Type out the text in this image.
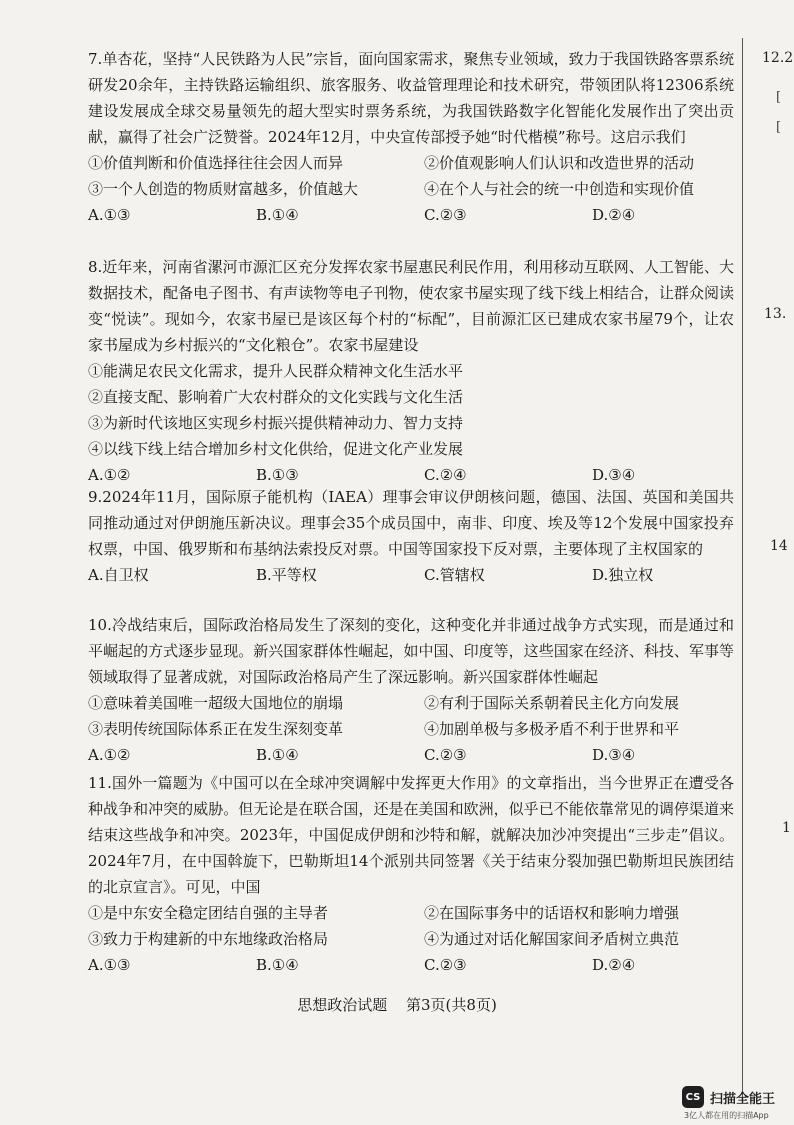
12.2
[
[
13.
14
1

7.单杏花，坚持“人民铁路为人民”宗旨，面向国家需求，聚焦专业领域，致力于我国铁路客票系统研发20余年，主持铁路运输组织、旅客服务、收益管理理论和技术研究，带领团队将12306系统建设发展成全球交易量领先的超大型实时票务系统，为我国铁路数字化智能化发展作出了突出贡献，赢得了社会广泛赞誉。2024年12月，中央宣传部授予她“时代楷模”称号。这启示我们

①价值判断和价值选择往往会因人而异	②价值观影响人们认识和改造世界的活动
③一个人创造的物质财富越多，价值越大	④在个人与社会的统一中创造和实现价值
A.①③	B.①④	C.②③	D.②④

8.近年来，河南省漯河市源汇区充分发挥农家书屋惠民利民作用，利用移动互联网、人工智能、大数据技术，配备电子图书、有声读物等电子刊物，使农家书屋实现了线下线上相结合，让群众阅读变“悦读”。现如今，农家书屋已是该区每个村的“标配”，目前源汇区已建成农家书屋79个，让农家书屋成为乡村振兴的“文化粮仓”。农家书屋建设

①能满足农民文化需求，提升人民群众精神文化生活水平
②直接支配、影响着广大农村群众的文化实践与文化生活
③为新时代该地区实现乡村振兴提供精神动力、智力支持
④以线下线上结合增加乡村文化供给，促进文化产业发展
A.①②	B.①③	C.②④	D.③④

9.2024年11月，国际原子能机构（IAEA）理事会审议伊朗核问题，德国、法国、英国和美国共同推动通过对伊朗施压新决议。理事会35个成员国中，南非、印度、埃及等12个发展中国家投弃权票，中国、俄罗斯和布基纳法索投反对票。中国等国家投下反对票，主要体现了主权国家的

A.自卫权	B.平等权	C.管辖权	D.独立权

10.冷战结束后，国际政治格局发生了深刻的变化，这种变化并非通过战争方式实现，而是通过和平崛起的方式逐步显现。新兴国家群体性崛起，如中国、印度等，这些国家在经济、科技、军事等领域取得了显著成就，对国际政治格局产生了深远影响。新兴国家群体性崛起

①意味着美国唯一超级大国地位的崩塌	②有利于国际关系朝着民主化方向发展
③表明传统国际体系正在发生深刻变革	④加剧单极与多极矛盾不利于世界和平
A.①②	B.①④	C.②③	D.③④

11.国外一篇题为《中国可以在全球冲突调解中发挥更大作用》的文章指出，当今世界正在遭受各种战争和冲突的威胁。但无论是在联合国，还是在美国和欧洲，似乎已不能依靠常见的调停渠道来结束这些战争和冲突。2023年，中国促成伊朗和沙特和解，就解决加沙冲突提出“三步走”倡议。2024年7月，在中国斡旋下，巴勒斯坦14个派别共同签署《关于结束分裂加强巴勒斯坦民族团结的北京宣言》。可见，中国

①是中东安全稳定团结自强的主导者	②在国际事务中的话语权和影响力增强
③致力于构建新的中东地缘政治格局	④为通过对话化解国家间矛盾树立典范
A.①③	B.①④	C.②③	D.②④
思想政治试题 第3页(共8页)
CS 扫描全能王
3亿人都在用的扫描App
